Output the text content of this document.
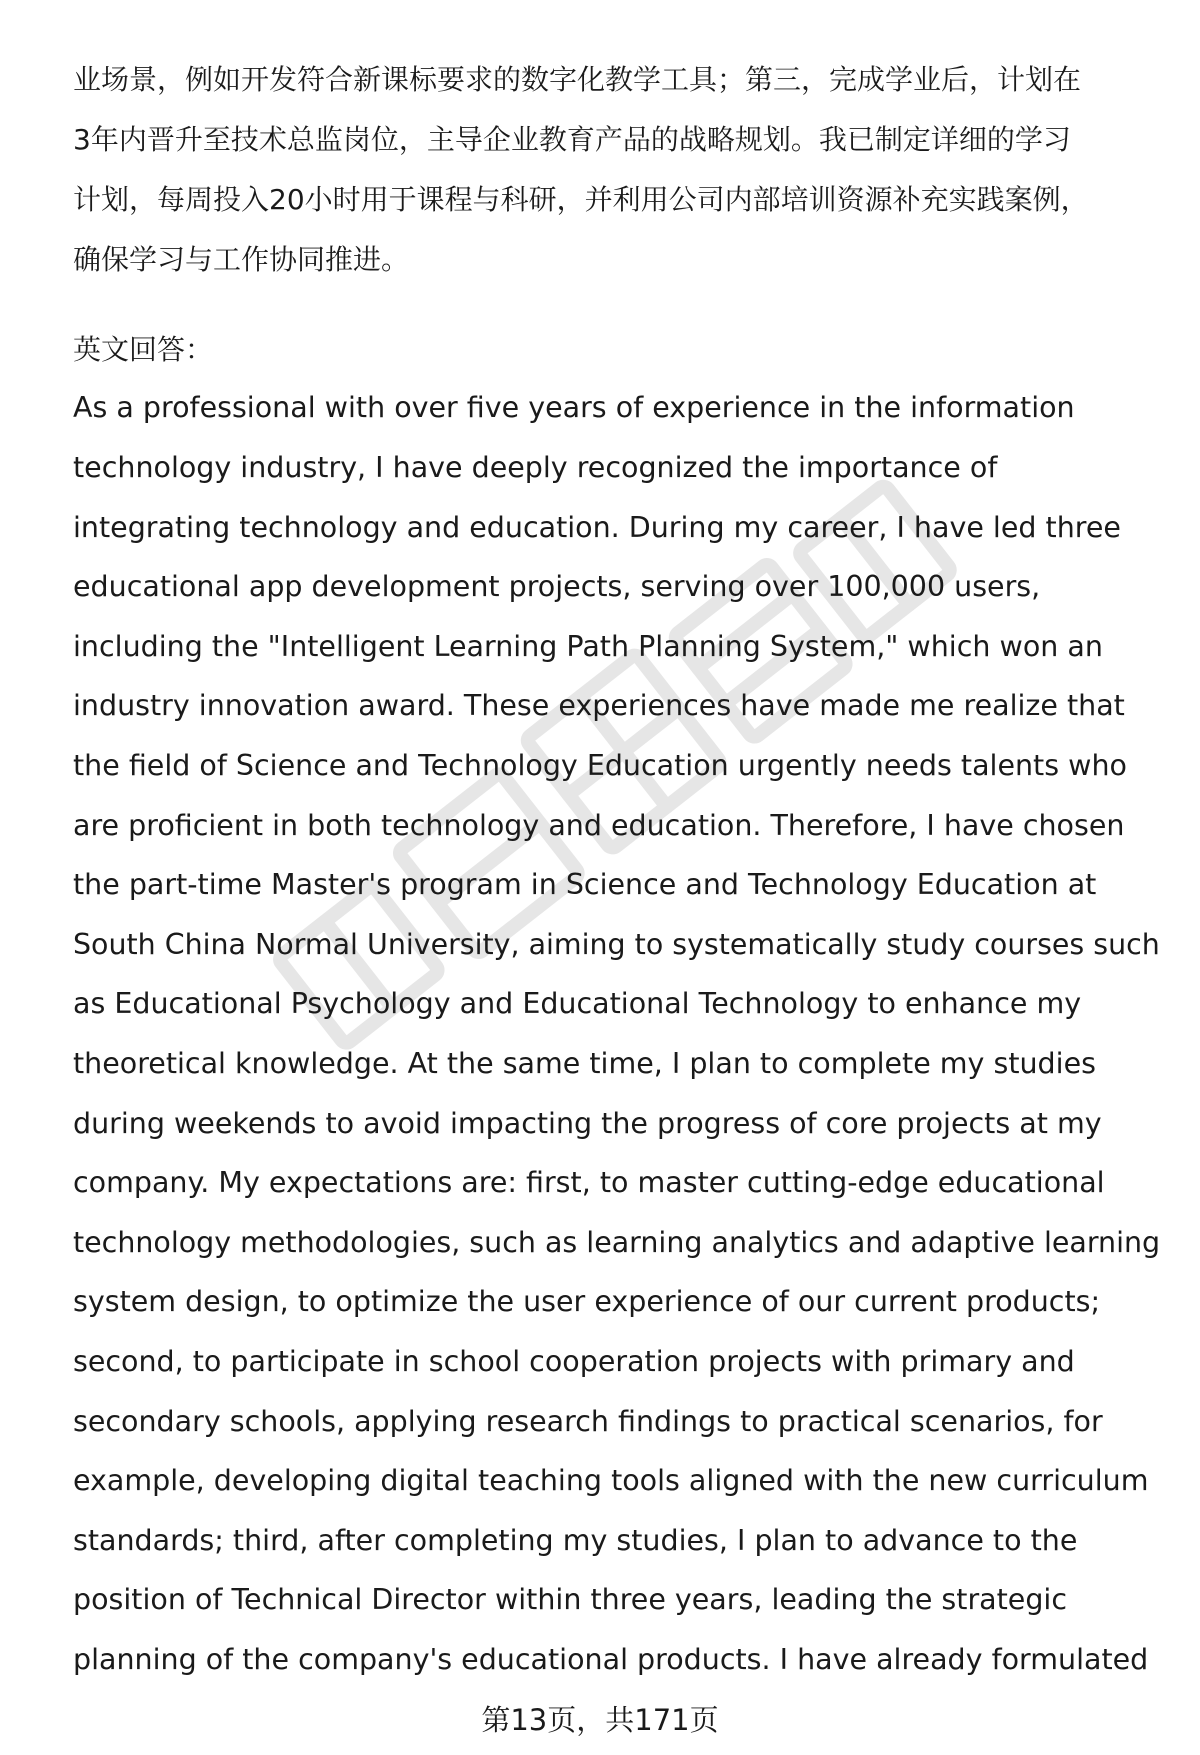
业场景，例如开发符合新课标要求的数字化教学工具；第三，完成学业后，计划在
3年内晋升至技术总监岗位，主导企业教育产品的战略规划。我已制定详细的学习
计划，每周投入20小时用于课程与科研，并利用公司内部培训资源补充实践案例，
确保学习与工作协同推进。
英文回答：
As a professional with over five years of experience in the information
technology industry, I have deeply recognized the importance of
integrating technology and education. During my career, I have led three
educational app development projects, serving over 100,000 users,
including the "Intelligent Learning Path Planning System," which won an
industry innovation award. These experiences have made me realize that
the field of Science and Technology Education urgently needs talents who
are proficient in both technology and education. Therefore, I have chosen
the part-time Master's program in Science and Technology Education at
South China Normal University, aiming to systematically study courses such
as Educational Psychology and Educational Technology to enhance my
theoretical knowledge. At the same time, I plan to complete my studies
during weekends to avoid impacting the progress of core projects at my
company. My expectations are: first, to master cutting-edge educational
technology methodologies, such as learning analytics and adaptive learning
system design, to optimize the user experience of our current products;
second, to participate in school cooperation projects with primary and
secondary schools, applying research findings to practical scenarios, for
example, developing digital teaching tools aligned with the new curriculum
standards; third, after completing my studies, I plan to advance to the
position of Technical Director within three years, leading the strategic
planning of the company's educational products. I have already formulated
第13页，共171页
